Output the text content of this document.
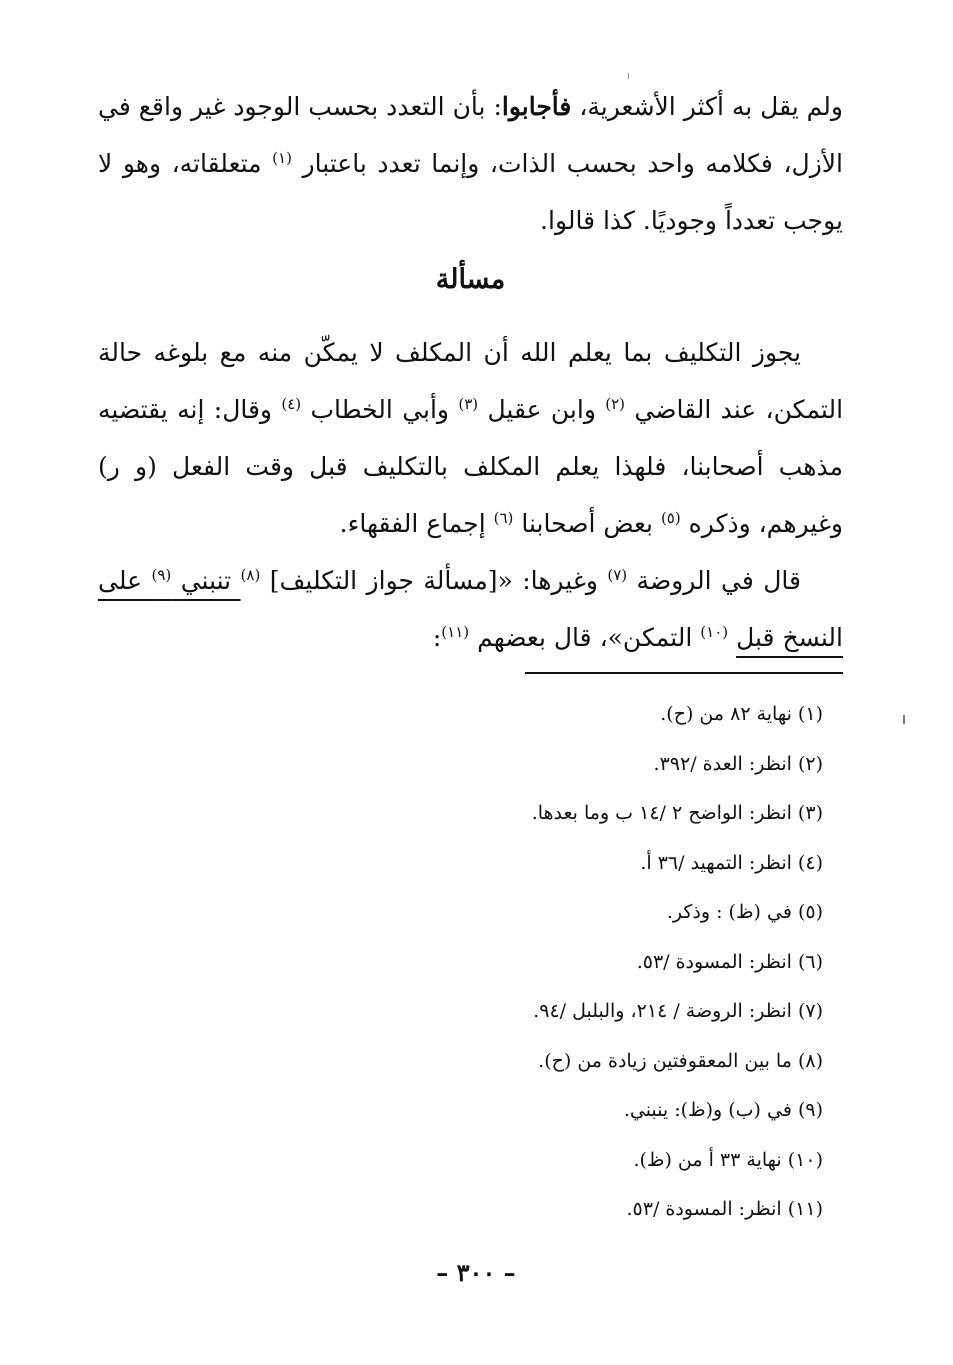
ولم يقل به أكثر الأشعرية، فأجابوا: بأن التعدد بحسب الوجود غير واقع في الأزل، فكلامه واحد بحسب الذات، وإنما تعدد باعتبار $^{(١)}$ متعلقاته، وهو لا يوجب تعدداً وجوديًا. كذا قالوا.

مسألة

يجوز التكليف بما يعلم الله أن المكلف لا يمكّن منه مع بلوغه حالة التمكن، عند القاضي $^{(٢)}$ وابن عقيل $^{(٣)}$ وأبي الخطاب $^{(٤)}$ وقال: إنه يقتضيه مذهب أصحابنا، فلهذا يعلم المكلف بالتكليف قبل وقت الفعل (و ر) وغيرهم، وذكره $^{(٥)}$ بعض أصحابنا $^{(٦)}$ إجماع الفقهاء.

قال في الروضة $^{(٧)}$ وغيرها: «[مسألة جواز التكليف] $^{(٨)}$ تنبني $^{(٩)}$ على النسخ قبل $^{(١٠)}$ التمكن»، قال بعضهم $^{(١١)}$:

(١) نهاية ٨٢ من (ح).
(٢) انظر: العدة /٣٩٢.
(٣) انظر: الواضح ٢ /١٤ ب وما بعدها.
(٤) انظر: التمهيد /٣٦ أ.
(٥) في (ظ) : وذكر.
(٦) انظر: المسودة /٥٣.
(٧) انظر: الروضة / ٢١٤، والبلبل /٩٤.
(٨) ما بين المعقوفتين زيادة من (ح).
(٩) في (ب) و(ظ): ينبني.
(١٠) نهاية ٣٣ أ من (ظ).
(١١) انظر: المسودة /٥٣.
– ٣٠٠ –
